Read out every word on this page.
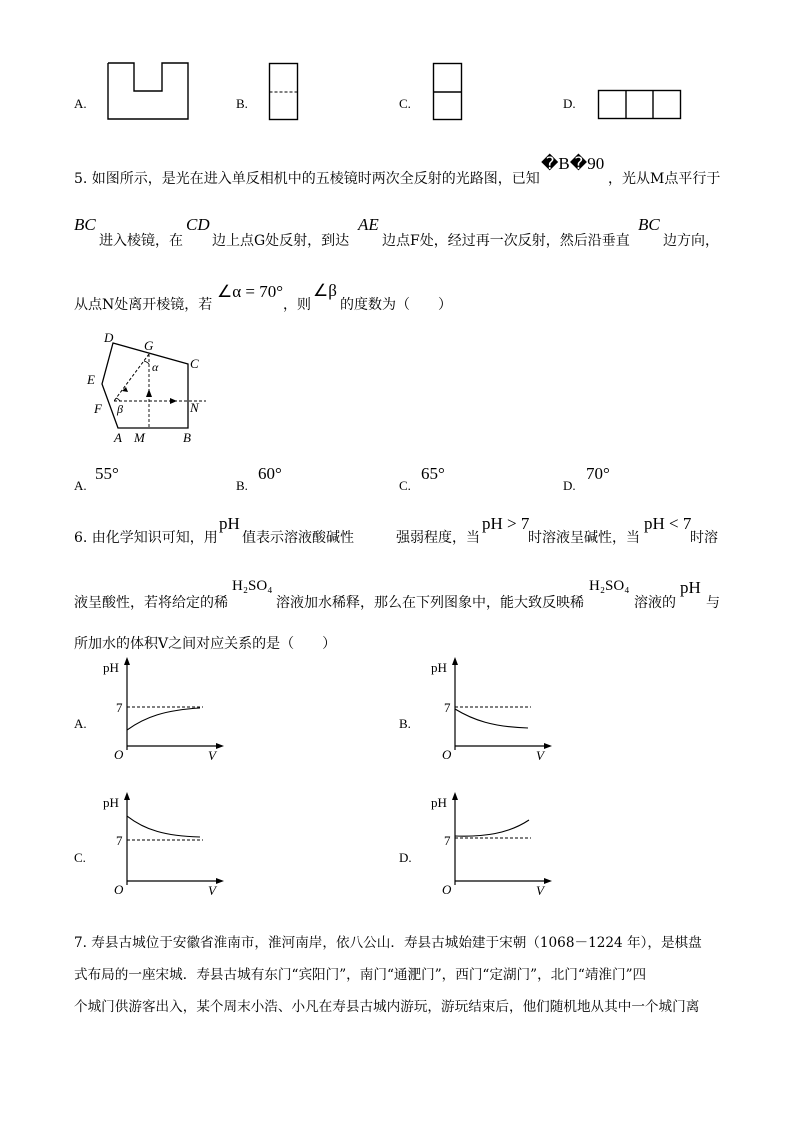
A.	B.	C.	D.
5. 如图所示，是光在进入单反相机中的五棱镜时两次全反射的光路图，已知
�B�90
，光从M点平行于
BC
进入棱镜，在
CD
边上点G处反射，到达
AE
边点F处，经过再一次反射，然后沿垂直
BC
边方向，
从点N处离开棱镜，若
∠α = 70°
，则
∠β
的度数为（　　）
D
G
C
E
α
F β	N
A M	B
A.
55°
B.
60°
C.
65°
D.
70°
6. 由化学知识可知，用
pH
值表示溶液酸碱性	强弱程度，当
pH > 7
时溶液呈碱性，当
pH < 7
时溶
液呈酸性，若将给定的稀
H₂SO₄
溶液加水稀释，那么在下列图象中，能大致反映稀
H₂SO₄
溶液的
pH
与
所加水的体积V之间对应关系的是（　　）
A.
pH
7
O	V
B.
pH
7
O	V
C.
pH
7
O	V
D.
pH
7
O	V
7. 寿县古城位于安徽省淮南市，淮河南岸，依八公山．寿县古城始建于宋朝（1068－1224 年），是棋盘
式布局的一座宋城．寿县古城有东门“宾阳门”，南门“通淝门”，西门“定湖门”，北门“靖淮门”四
个城门供游客出入，某个周末小浩、小凡在寿县古城内游玩，游玩结束后，他们随机地从其中一个城门离
